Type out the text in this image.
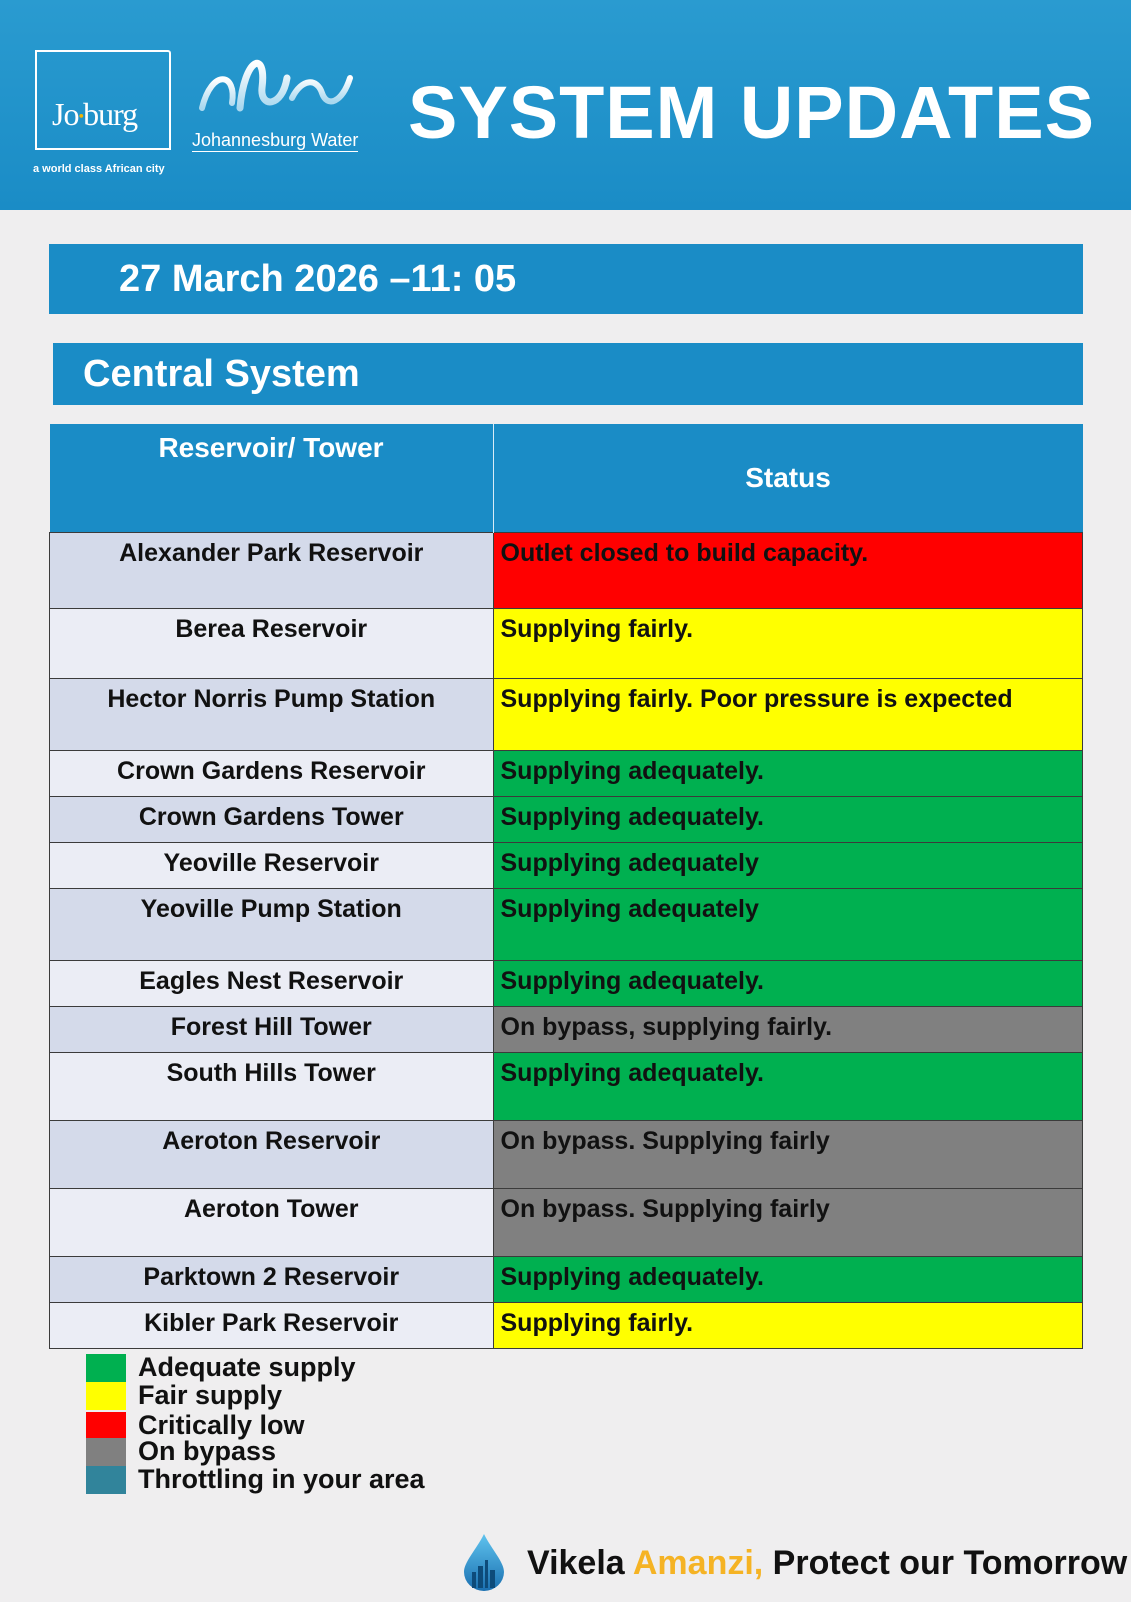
Jo•burg
a world class African city
Johannesburg Water SYSTEM UPDATES
27 March 2026 –11: 05
Central System
Reservoir/ Tower	Status
Alexander Park Reservoir	Outlet closed to build capacity.
Berea Reservoir	Supplying fairly.
Hector Norris Pump Station	Supplying fairly. Poor pressure is expected
Crown Gardens Reservoir	Supplying adequately.
Crown Gardens Tower	Supplying adequately.
Yeoville Reservoir	Supplying adequately
Yeoville Pump Station	Supplying adequately
Eagles Nest Reservoir	Supplying adequately.
Forest Hill Tower	On bypass, supplying fairly.
South Hills Tower	Supplying adequately.
Aeroton Reservoir	On bypass. Supplying fairly
Aeroton Tower	On bypass. Supplying fairly
Parktown 2 Reservoir	Supplying adequately.
Kibler Park Reservoir	Supplying fairly.
Adequate supply
Fair supply
Critically low
On bypass
Throttling in your area
Vikela Amanzi, Protect our Tomorrow
